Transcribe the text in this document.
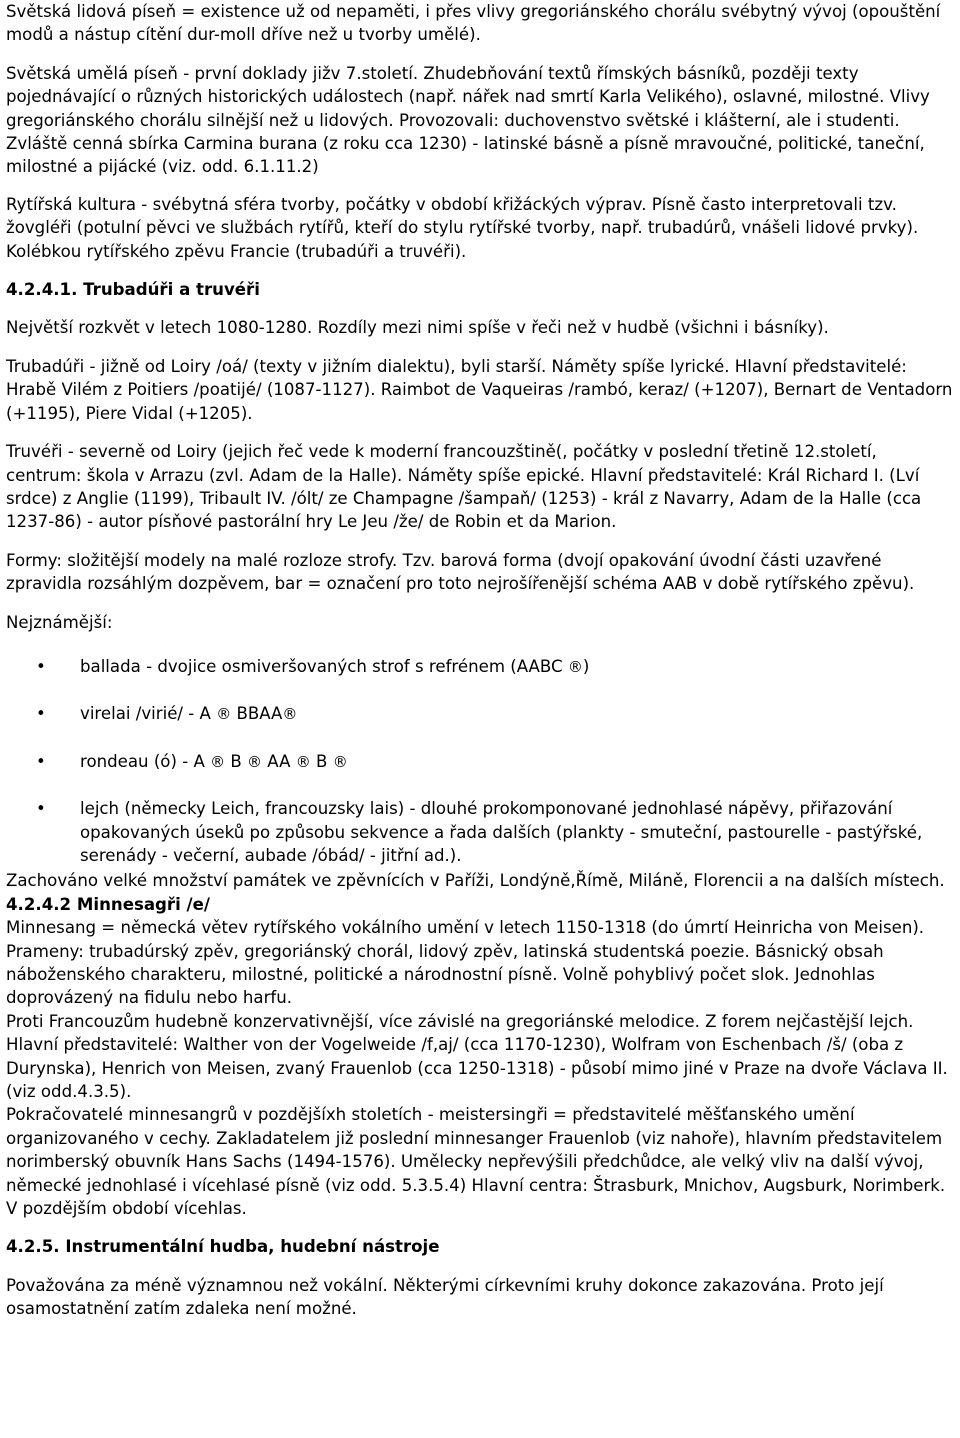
Světská lidová píseň = existence už od nepaměti, i přes vlivy gregoriánského chorálu svébytný vývoj (opouštění modů a nástup cítění dur-moll dříve než u tvorby umělé).

Světská umělá píseň - první doklady jižv 7.století. Zhudebňování textů římských básníků, později texty pojednávající o různých historických událostech (např. nářek nad smrtí Karla Velikého), oslavné, milostné. Vlivy gregoriánského chorálu silnější než u lidových. Provozovali: duchovenstvo světské i klášterní, ale i studenti. Zvláště cenná sbírka Carmina burana (z roku cca 1230) - latinské básně a písně mravoučné, politické, taneční, milostné a pijácké (viz. odd. 6.1.11.2)

Rytířská kultura - svébytná sféra tvorby, počátky v období křižáckých výprav. Písně často interpretovali tzv. žovgléři (potulní pěvci ve službách rytířů, kteří do stylu rytířské tvorby, např. trubadúrů, vnášeli lidové prvky). Kolébkou rytířského zpěvu Francie (trubadúři a truvéři).

4.2.4.1. Trubadúři a truvéři

Největší rozkvět v letech 1080-1280. Rozdíly mezi nimi spíše v řeči než v hudbě (všichni i básníky).

Trubadúři - jižně od Loiry /oá/ (texty v jižním dialektu), byli starší. Náměty spíše lyrické. Hlavní představitelé: Hrabě Vilém z Poitiers /poatijé/ (1087-1127). Raimbot de Vaqueiras /rambó, keraz/ (+1207), Bernart de Ventadorn (+1195), Piere Vidal (+1205).

Truvéři - severně od Loiry (jejich řeč vede k moderní francouzštině(, počátky v poslední třetině 12.století, centrum: škola v Arrazu (zvl. Adam de la Halle). Náměty spíše epické. Hlavní představitelé: Král Richard I. (Lví srdce) z Anglie (1199), Tribault IV. /ólt/ ze Champagne /šampaň/ (1253) - král z Navarry, Adam de la Halle (cca 1237-86) - autor písňové pastorální hry Le Jeu /že/ de Robin et da Marion.

Formy: složitější modely na malé rozloze strofy. Tzv. barová forma (dvojí opakování úvodní části uzavřené zpravidla rozsáhlým dozpěvem, bar = označení pro toto nejrošířenější schéma AAB v době rytířského zpěvu).

Nejznámější:

• ballada - dvojice osmiveršovaných strof s refrénem (AABC ®)
• virelai /virié/ - A ® BBAA®
• rondeau (ó) - A ® B ® AA ® B ®
• lejch (německy Leich, francouzsky lais) - dlouhé prokomponované jednohlasé nápěvy, přiřazování opakovaných úseků po způsobu sekvence a řada dalších (plankty - smuteční, pastourelle - pastýřské, serenády - večerní, aubade /óbád/ - jitřní ad.).

Zachováno velké množství památek ve zpěvnících v Paříži, Londýně,Římě, Miláně, Florencii a na dalších místech.

4.2.4.2 Minnesagři /e/

Minnesang = německá větev rytířského vokálního umění v letech 1150-1318 (do úmrtí Heinricha von Meisen). Prameny: trubadúrský zpěv, gregoriánský chorál, lidový zpěv, latinská studentská poezie. Básnický obsah náboženského charakteru, milostné, politické a národnostní písně. Volně pohyblivý počet slok. Jednohlas doprovázený na fidulu nebo harfu.

Proti Francouzům hudebně konzervativnější, více závislé na gregoriánské melodice. Z forem nejčastější lejch. Hlavní představitelé: Walther von der Vogelweide /f,aj/ (cca 1170-1230), Wolfram von Eschenbach /š/ (oba z Durynska), Henrich von Meisen, zvaný Frauenlob (cca 1250-1318) - působí mimo jiné v Praze na dvoře Václava II. (viz odd.4.3.5).

Pokračovatelé minnesangrů v pozdějšíxh stoletích - meistersingři = představitelé měšťanského umění organizovaného v cechy. Zakladatelem již poslední minnesanger Frauenlob (viz nahoře), hlavním představitelem norimberský obuvník Hans Sachs (1494-1576). Umělecky nepřevýšili předchůdce, ale velký vliv na další vývoj, německé jednohlasé i vícehlasé písně (viz odd. 5.3.5.4) Hlavní centra: Štrasburk, Mnichov, Augsburk, Norimberk. V pozdějším období vícehlas.

4.2.5. Instrumentální hudba, hudební nástroje

Považována za méně významnou než vokální. Některými církevními kruhy dokonce zakazována. Proto její osamostatnění zatím zdaleka není možné.
